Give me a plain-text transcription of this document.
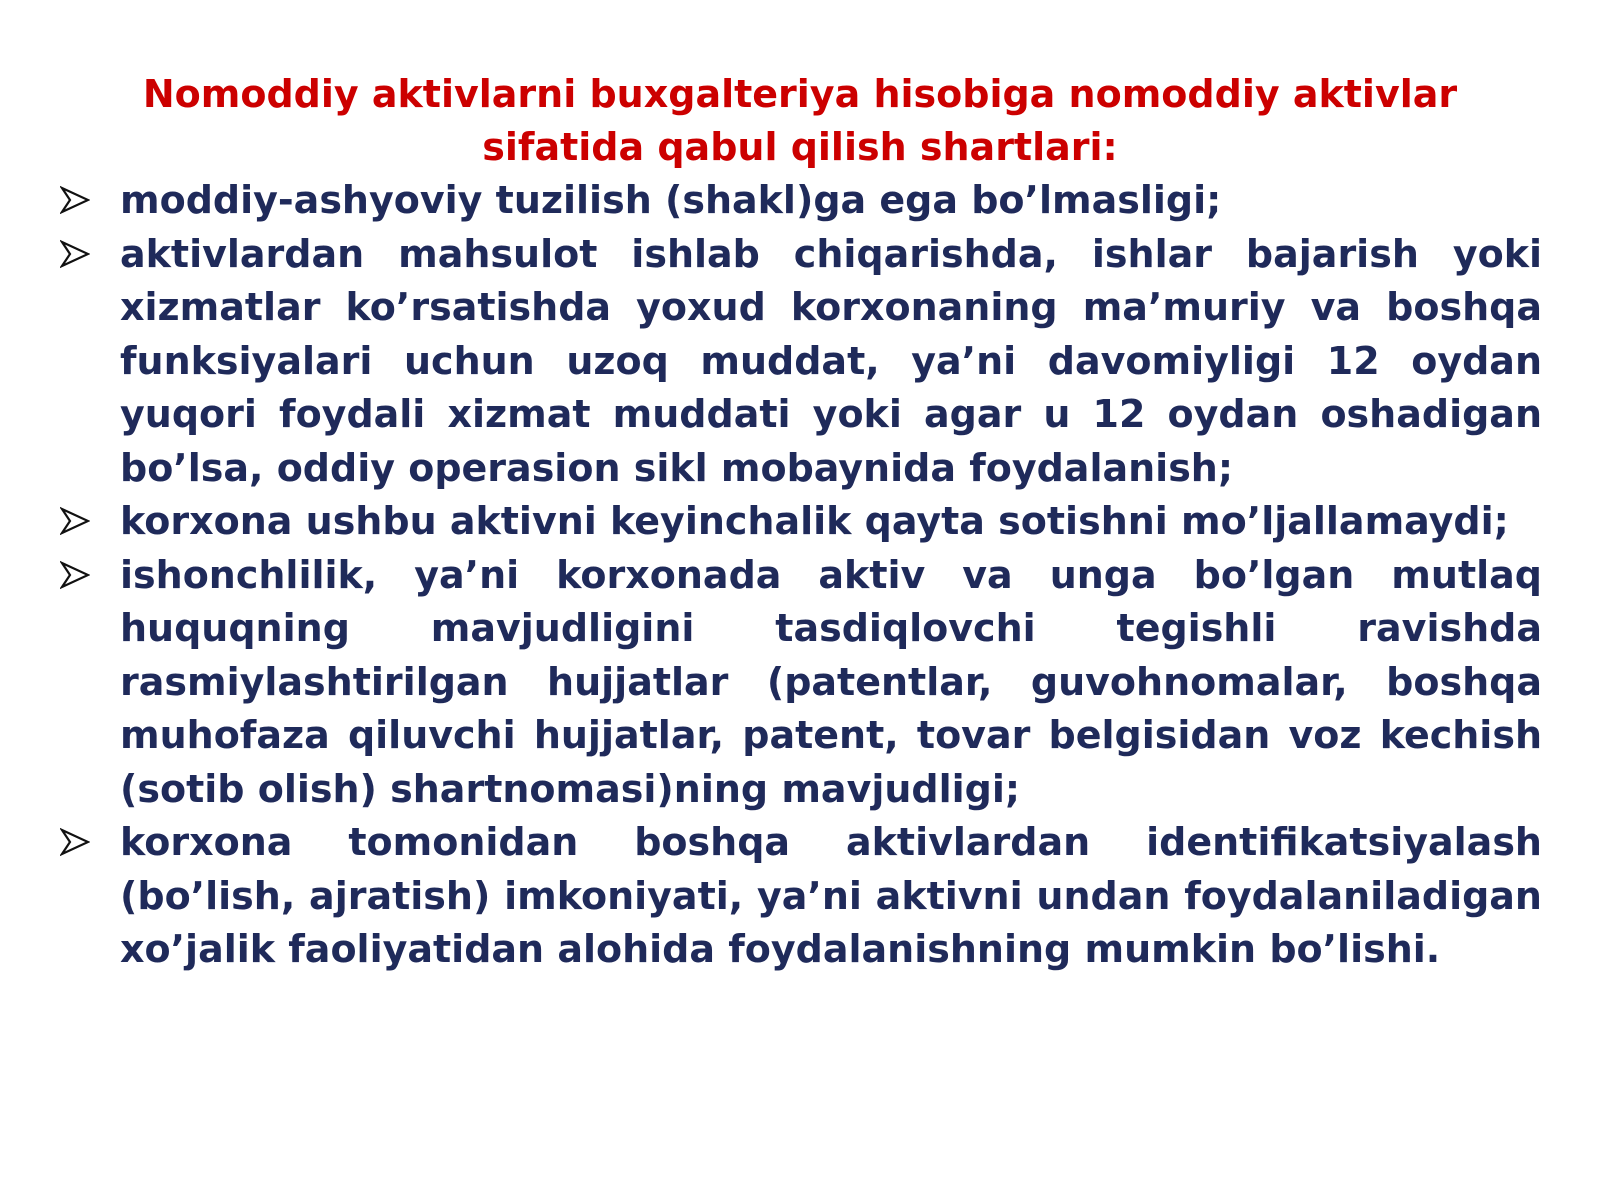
Nomoddiy aktivlarni buxgalteriya hisobiga nomoddiy aktivlar sifatida qabul qilish shartlari:
moddiy-ashyoviy tuzilish (shakl)ga ega bo’lmasligi;
aktivlardan mahsulot ishlab chiqarishda, ishlar bajarish yoki xizmatlar ko’rsatishda yoxud korxonaning ma’muriy va boshqa funksiyalari uchun uzoq muddat, ya’ni davomiyligi 12 oydan yuqori foydali xizmat muddati yoki agar u 12 oydan oshadigan bo’lsa, oddiy operasion sikl mobaynida foydalanish;
korxona ushbu aktivni keyinchalik qayta sotishni mo’ljallamaydi;
ishonchlilik, ya’ni korxonada aktiv va unga bo’lgan mutlaq huquqning mavjudligini tasdiqlovchi tegishli ravishda rasmiylashtirilgan hujjatlar (patentlar, guvohnomalar, boshqa muhofaza qiluvchi hujjatlar, patent, tovar belgisidan voz kechish (sotib olish) shartnomasi)ning mavjudligi;
korxona tomonidan boshqa aktivlardan identifikatsiyalash (bo’lish, ajratish) imkoniyati, ya’ni aktivni undan foydalaniladigan xo’jalik faoliyatidan alohida foydalanishning mumkin bo’lishi.
